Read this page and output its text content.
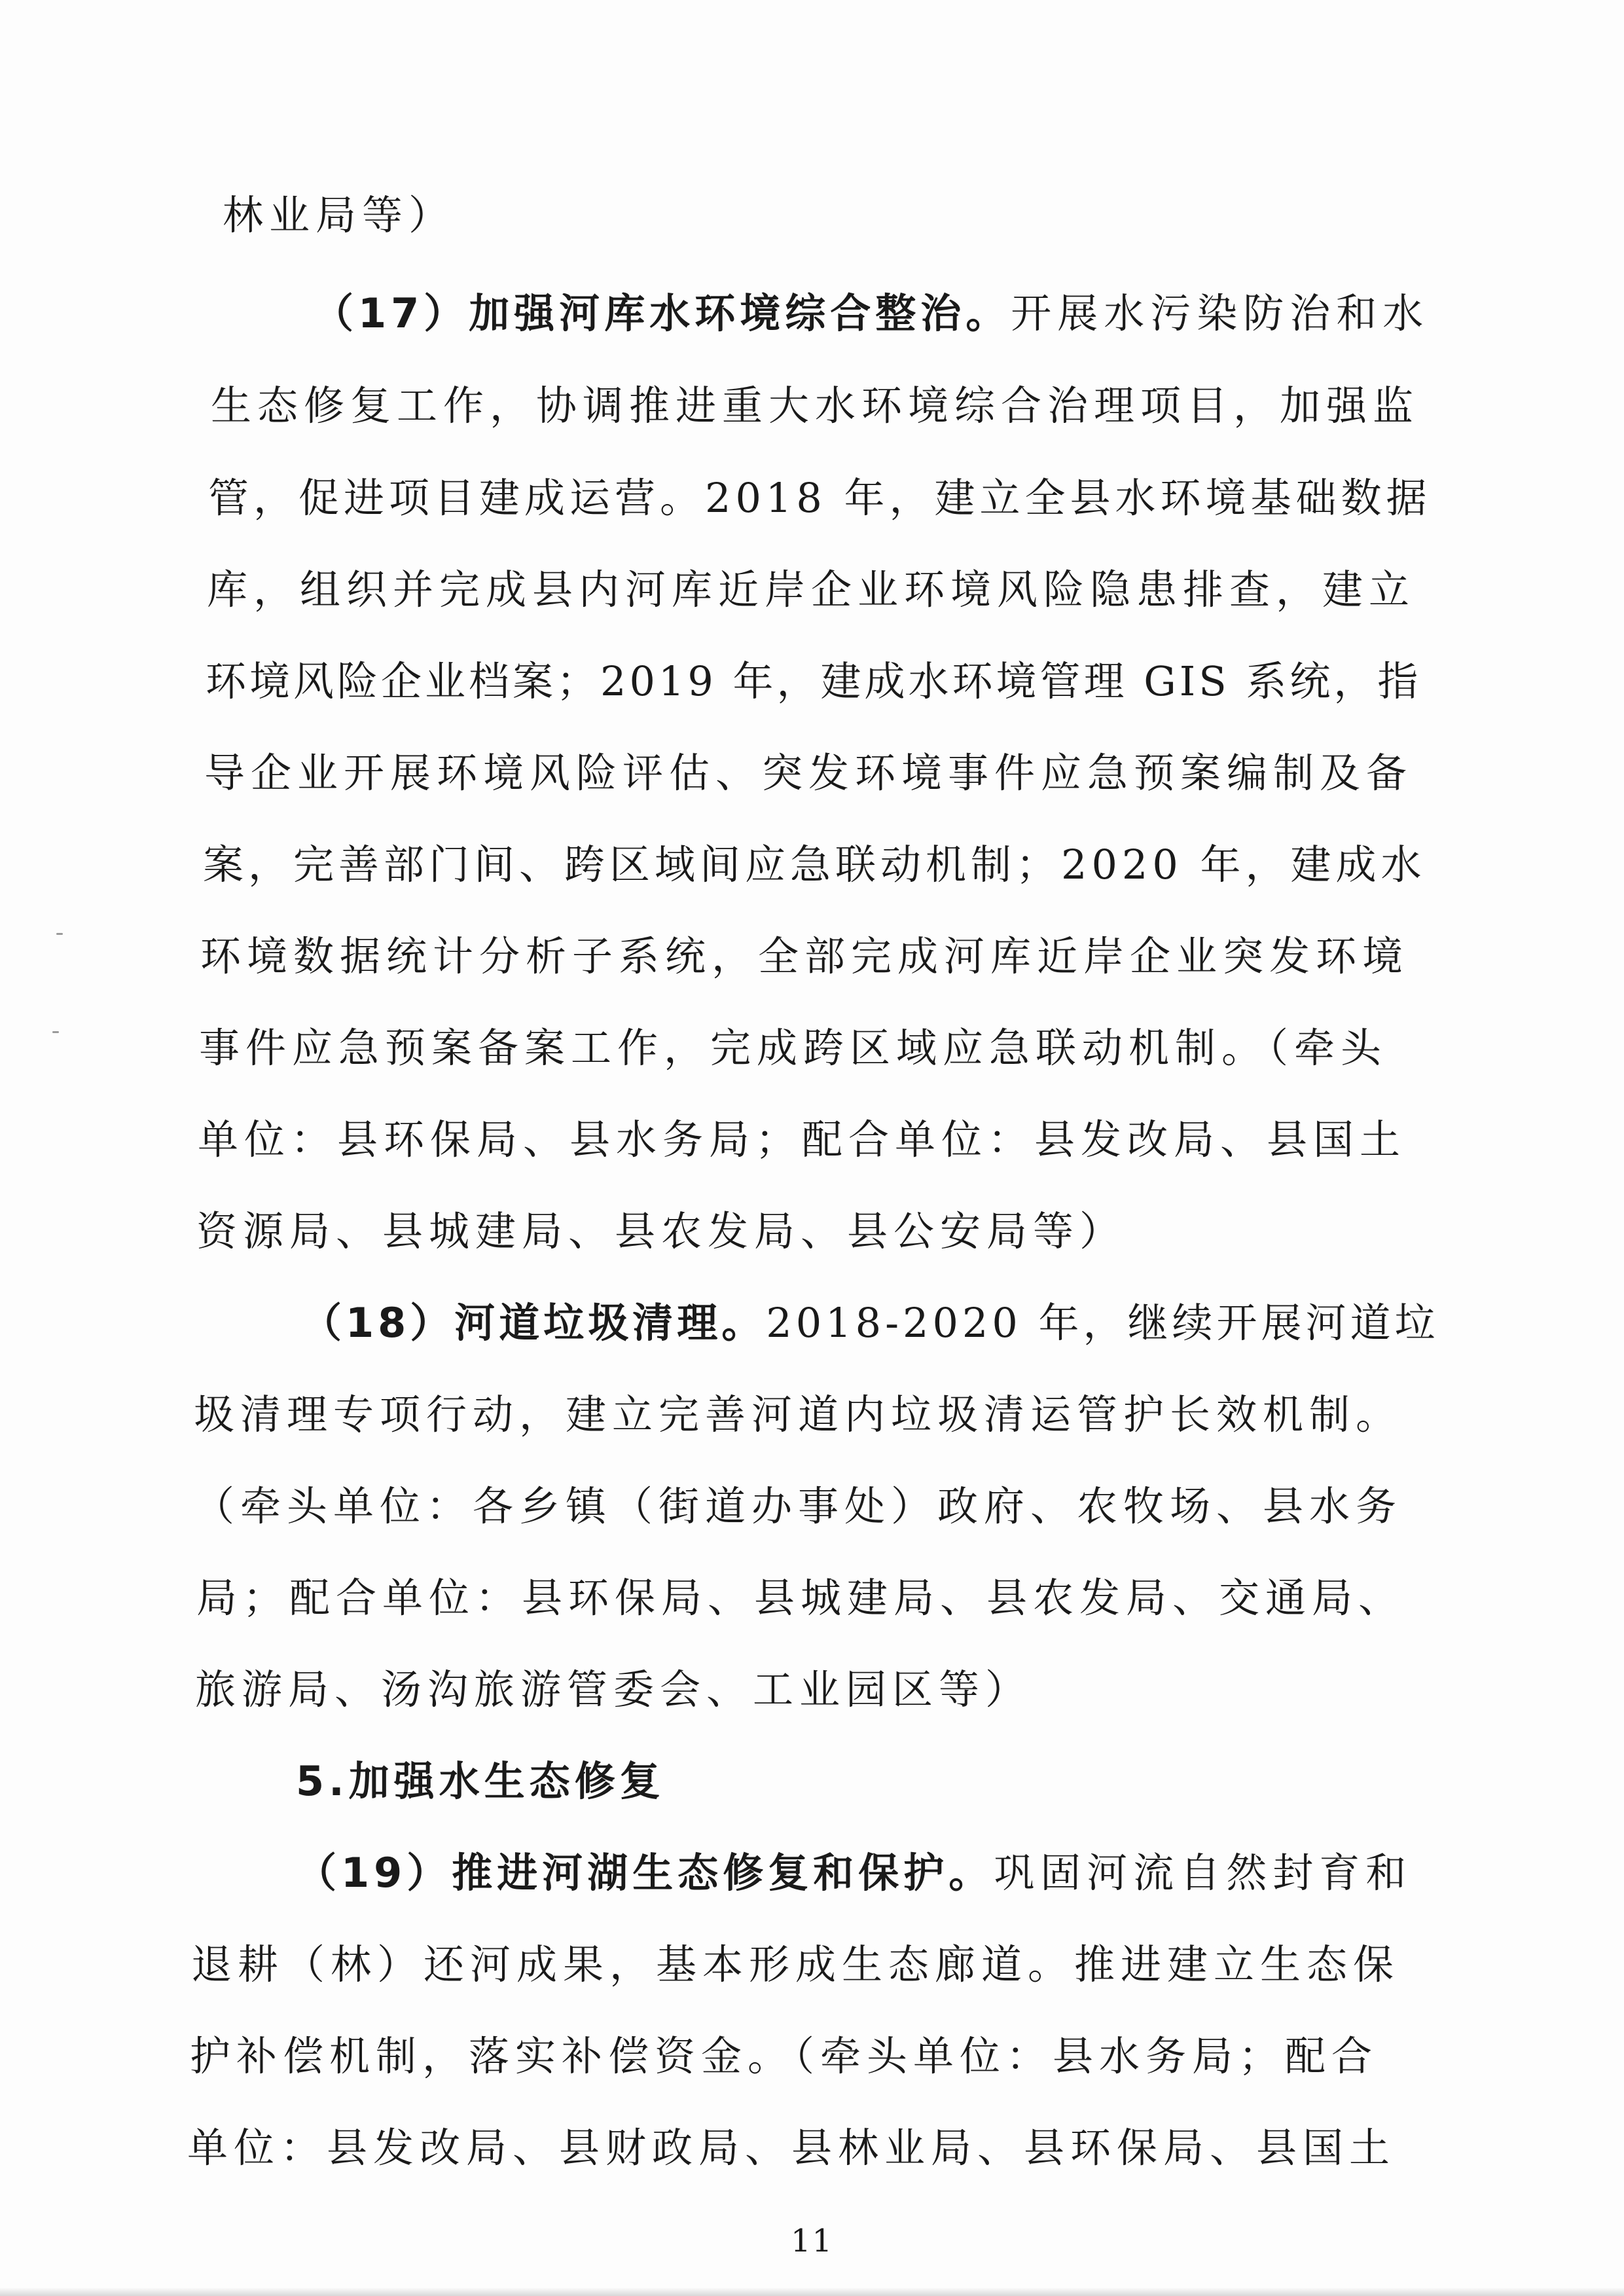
林业局等）
（17）加强河库水环境综合整治。开展水污染防治和水
生态修复工作，协调推进重大水环境综合治理项目，加强监
管，促进项目建成运营。2018 年，建立全县水环境基础数据
库，组织并完成县内河库近岸企业环境风险隐患排查，建立
环境风险企业档案；2019 年，建成水环境管理 GIS 系统，指
导企业开展环境风险评估、突发环境事件应急预案编制及备
案，完善部门间、跨区域间应急联动机制；2020 年，建成水
环境数据统计分析子系统，全部完成河库近岸企业突发环境
事件应急预案备案工作，完成跨区域应急联动机制。（牵头
单位：县环保局、县水务局；配合单位：县发改局、县国土
资源局、县城建局、县农发局、县公安局等）
（18）河道垃圾清理。2018-2020 年，继续开展河道垃
圾清理专项行动，建立完善河道内垃圾清运管护长效机制。
（牵头单位：各乡镇（街道办事处）政府、农牧场、县水务
局；配合单位：县环保局、县城建局、县农发局、交通局、
旅游局、汤沟旅游管委会、工业园区等）
5.加强水生态修复
（19）推进河湖生态修复和保护。巩固河流自然封育和
退耕（林）还河成果，基本形成生态廊道。推进建立生态保
护补偿机制，落实补偿资金。（牵头单位：县水务局；配合
单位：县发改局、县财政局、县林业局、县环保局、县国土
11
